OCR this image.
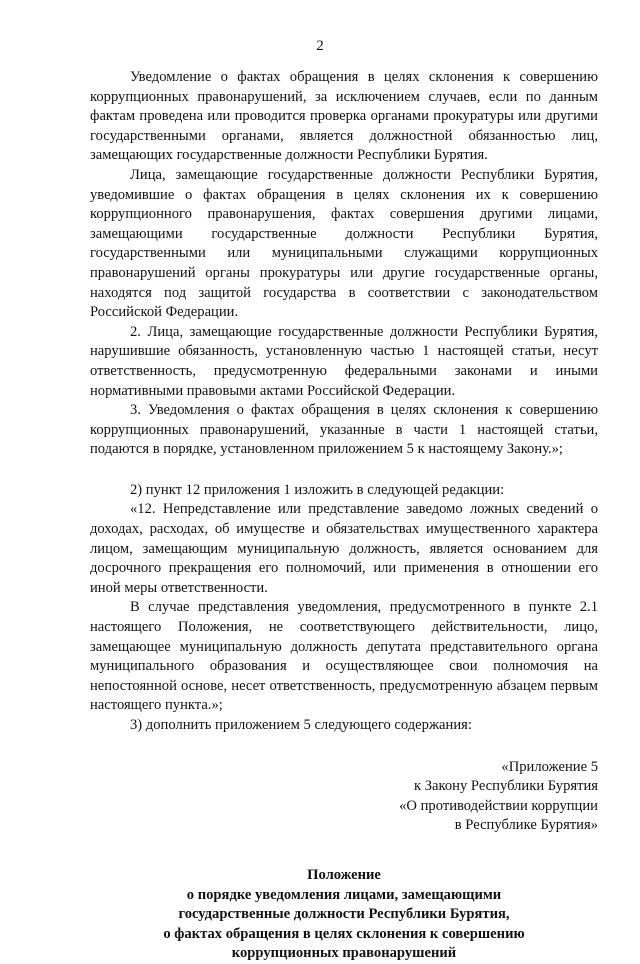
2

Уведомление о фактах обращения в целях склонения к совершению коррупционных правонарушений, за исключением случаев, если по данным фактам проведена или проводится проверка органами прокуратуры или другими государственными органами, является должностной обязанностью лиц, замещающих государственные должности Республики Бурятия.

Лица, замещающие государственные должности Республики Бурятия, уведомившие о фактах обращения в целях склонения их к совершению коррупционного правонарушения, фактах совершения другими лицами, замещающими государственные должности Республики Бурятия, государственными или муниципальными служащими коррупционных правонарушений органы прокуратуры или другие государственные органы, находятся под защитой государства в соответствии с законодательством Российской Федерации.

2. Лица, замещающие государственные должности Республики Бурятия, нарушившие обязанность, установленную частью 1 настоящей статьи, несут ответственность, предусмотренную федеральными законами и иными нормативными правовыми актами Российской Федерации.

3. Уведомления о фактах обращения в целях склонения к совершению коррупционных правонарушений, указанные в части 1 настоящей статьи, подаются в порядке, установленном приложением 5 к настоящему Закону.»;

2) пункт 12 приложения 1 изложить в следующей редакции:

«12. Непредставление или представление заведомо ложных сведений о доходах, расходах, об имуществе и обязательствах имущественного характера лицом, замещающим муниципальную должность, является основанием для досрочного прекращения его полномочий, или применения в отношении его иной меры ответственности.

В случае представления уведомления, предусмотренного в пункте 2.1 настоящего Положения, не соответствующего действительности, лицо, замещающее муниципальную должность депутата представительного органа муниципального образования и осуществляющее свои полномочия на непостоянной основе, несет ответственность, предусмотренную абзацем первым настоящего пункта.»;

3) дополнить приложением 5 следующего содержания:

«Приложение 5
к Закону Республики Бурятия
«О противодействии коррупции
в Республике Бурятия»
Положение
о порядке уведомления лицами, замещающими
государственные должности Республики Бурятия,
о фактах обращения в целях склонения к совершению
коррупционных правонарушений
